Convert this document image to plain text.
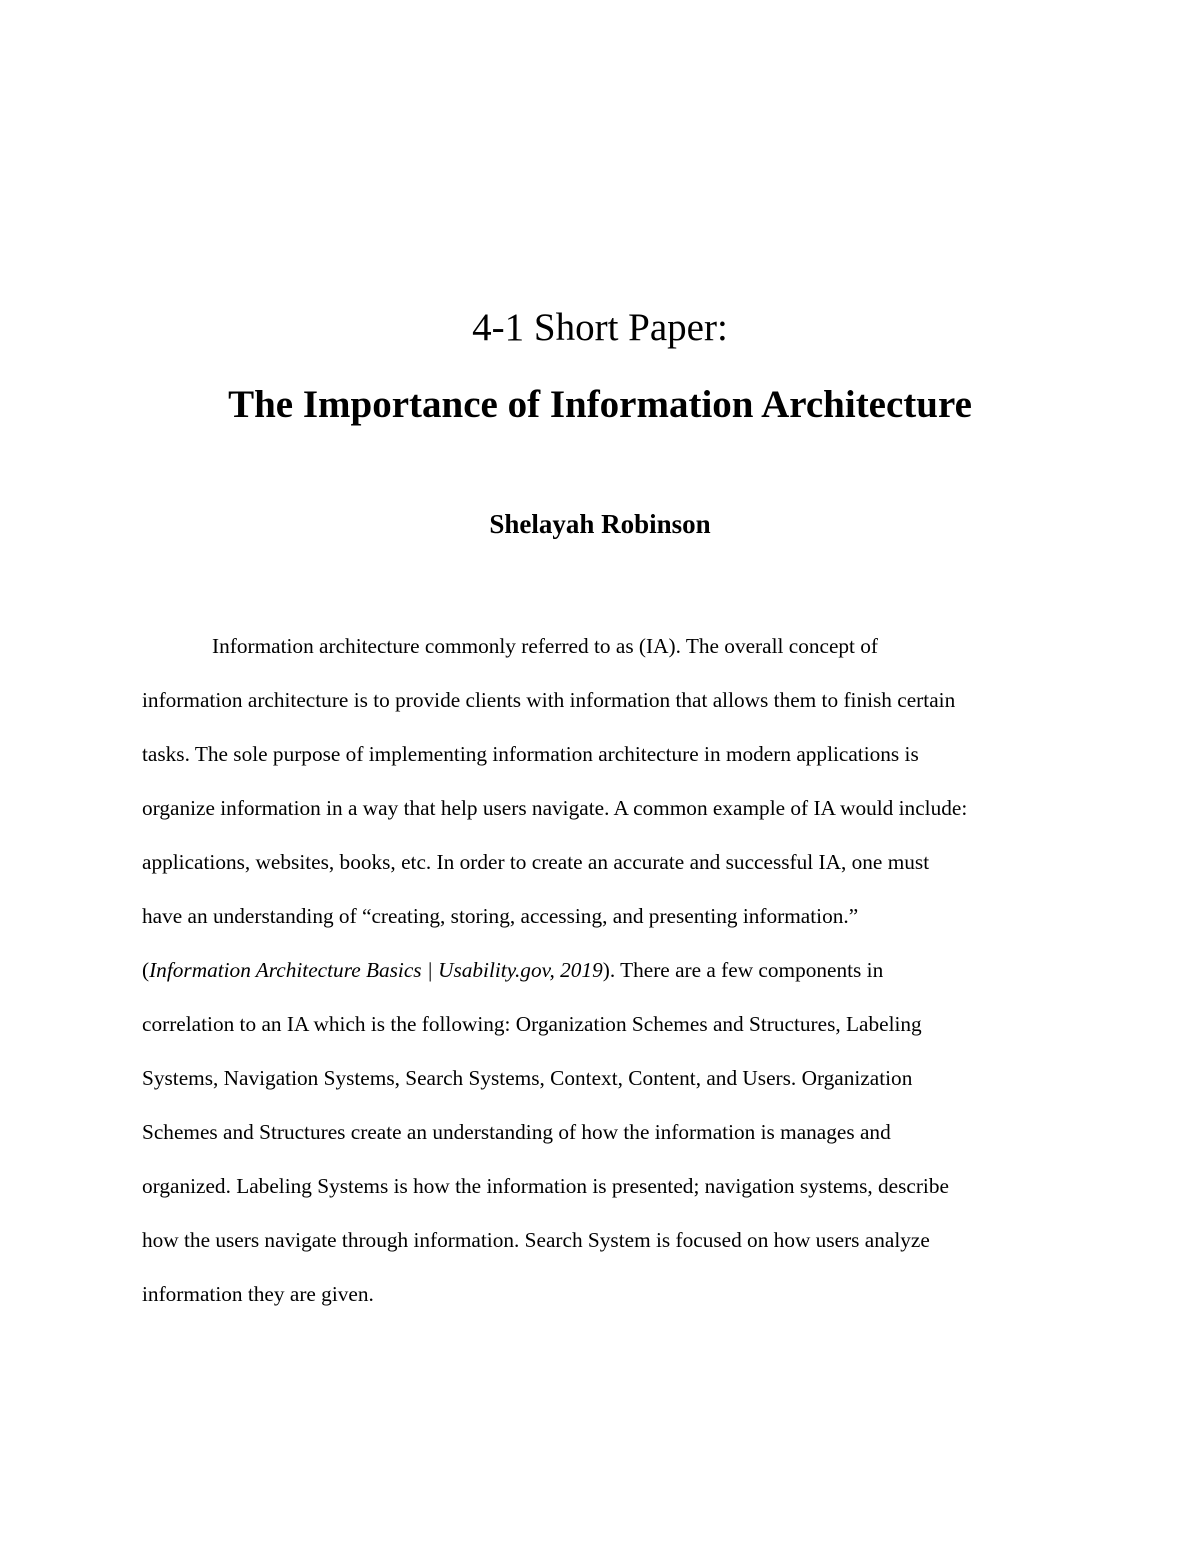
4-1 Short Paper:
The Importance of Information Architecture
Shelayah Robinson
Information architecture commonly referred to as (IA). The overall concept of
information architecture is to provide clients with information that allows them to finish certain
tasks. The sole purpose of implementing information architecture in modern applications is
organize information in a way that help users navigate. A common example of IA would include:
applications, websites, books, etc. In order to create an accurate and successful IA, one must
have an understanding of “creating, storing, accessing, and presenting information.”
(Information Architecture Basics | Usability.gov, 2019). There are a few components in
correlation to an IA which is the following: Organization Schemes and Structures, Labeling
Systems, Navigation Systems, Search Systems, Context, Content, and Users. Organization
Schemes and Structures create an understanding of how the information is manages and
organized. Labeling Systems is how the information is presented; navigation systems, describe
how the users navigate through information. Search System is focused on how users analyze
information they are given.
